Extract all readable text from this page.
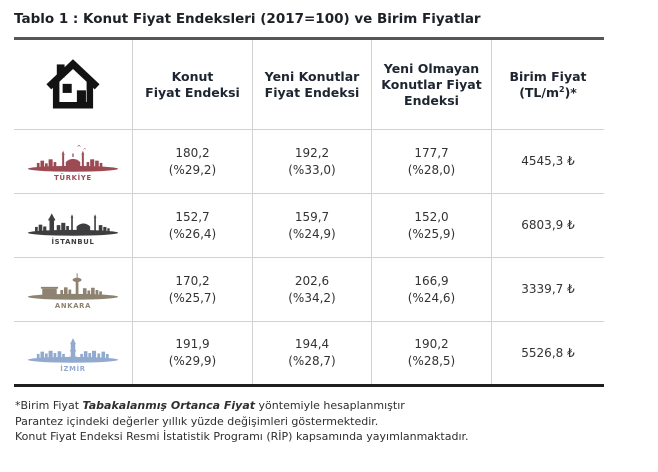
Tablo 1 : Konut Fiyat Endeksleri (2017=100) ve Birim Fiyatlar
Konut
Fiyat Endeksi
Yeni Konutlar
Fiyat Endeksi
Yeni Olmayan
Konutlar Fiyat
Endeksi
Birim Fiyat
$(TL/m^2)*$
TÜRKİYE
180,2
(%29,2)
192,2
(%33,0)
177,7
(%28,0)
4545,3 ₺
İSTANBUL
152,7
(%26,4)
159,7
(%24,9)
152,0
(%25,9)
6803,9 ₺
ANKARA
170,2
(%25,7)
202,6
(%34,2)
166,9
(%24,6)
3339,7 ₺
İZMİR
191,9
(%29,9)
194,4
(%28,7)
190,2
(%28,5)
5526,8 ₺
*Birim Fiyat Tabakalanmış Ortanca Fiyat yöntemiyle hesaplanmıştır
Parantez içindeki değerler yıllık yüzde değişimleri göstermektedir.
Konut Fiyat Endeksi Resmi İstatistik Programı (RİP) kapsamında yayımlanmaktadır.
